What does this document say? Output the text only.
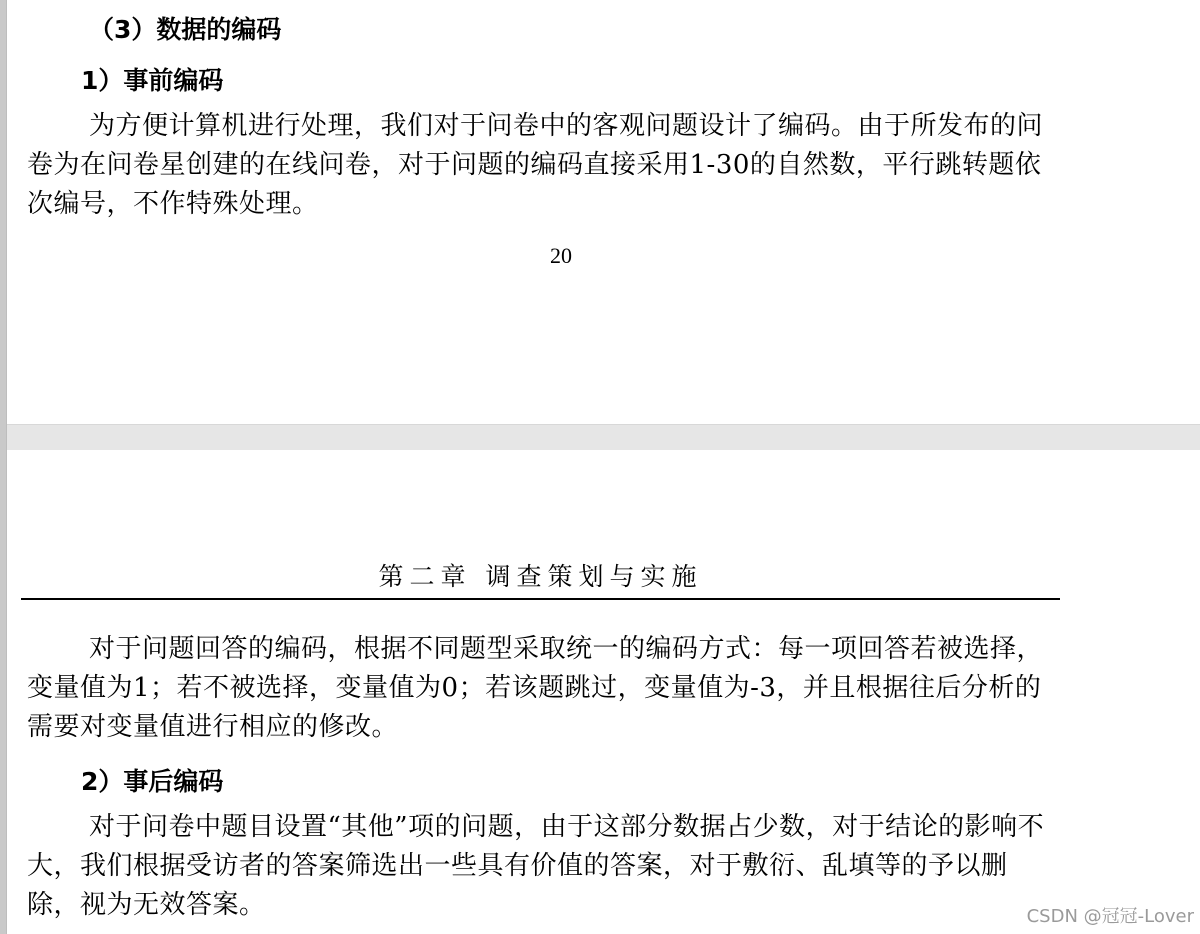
（3）数据的编码
1）事前编码

为方便计算机进行处理，我们对于问卷中的客观问题设计了编码。由于所发布的问卷为在问卷星创建的在线问卷，对于问题的编码直接采用1-30的自然数，平行跳转题依次编号，不作特殊处理。

20
第二章 调查策划与实施

对于问题回答的编码，根据不同题型采取统一的编码方式：每一项回答若被选择，变量值为1；若不被选择，变量值为0；若该题跳过，变量值为-3，并且根据往后分析的需要对变量值进行相应的修改。

2）事后编码

对于问卷中题目设置“其他”项的问题，由于这部分数据占少数，对于结论的影响不大，我们根据受访者的答案筛选出一些具有价值的答案，对于敷衍、乱填等的予以删除，视为无效答案。	CSDN @冠冠-Lover
